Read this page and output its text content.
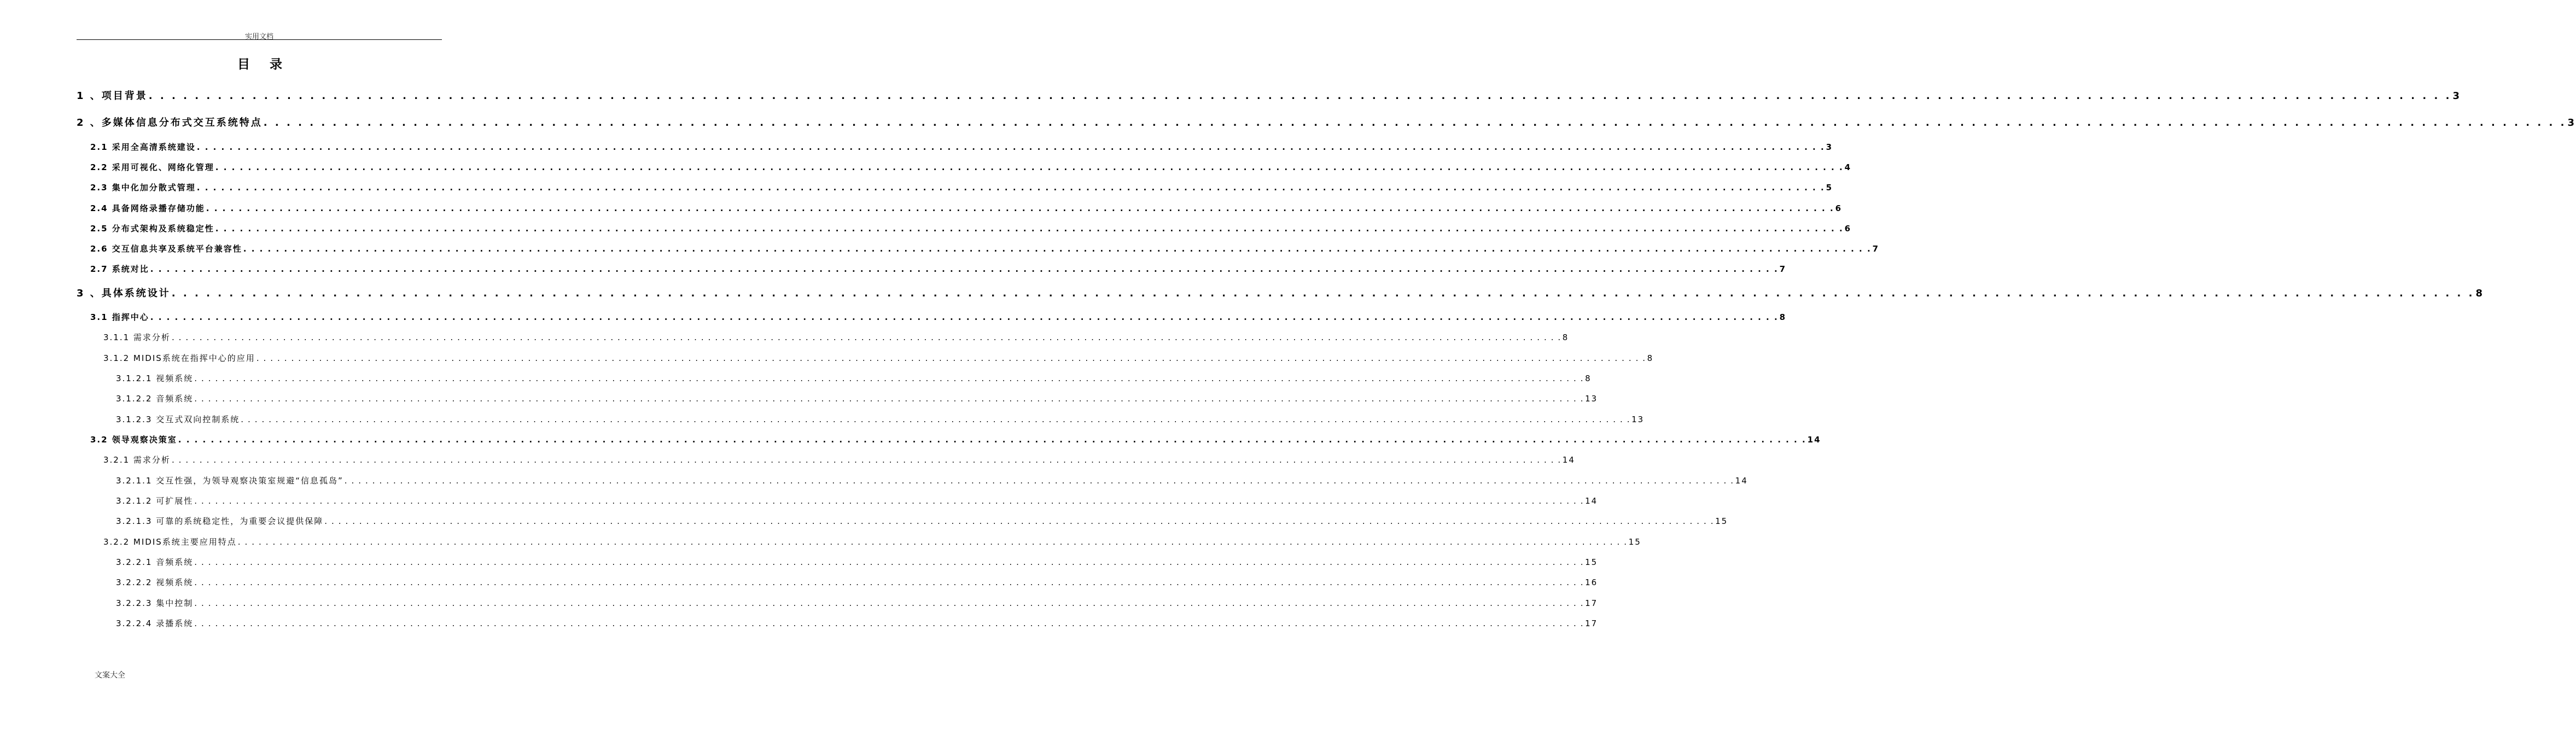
实用文档
目录
1 、项目背景 . . . . . . . . . . . . . . . . . . . . . . . . . . . . . . . . . . . . . . . . . . . . . . . . . . . . . . . . . . . . . . . . . . . . . . . . . . . . . . . . . . . . . . . . . . . . . . . . . . . . . . . . . . . . . . . . . . . . . . . . . . . . . . . . . . . . . . . . . . . . . . . . . . . . . . . . . . . . . . . . . . . . . . . . . . . . . . . . . . . . . . . . . . . . . . . . . . . . . . . . 3
2 、多媒体信息分布式交互系统特点 . . . . . . . . . . . . . . . . . . . . . . . . . . . . . . . . . . . . . . . . . . . . . . . . . . . . . . . . . . . . . . . . . . . . . . . . . . . . . . . . . . . . . . . . . . . . . . . . . . . . . . . . . . . . . . . . . . . . . . . . . . . . . . . . . . . . . . . . . . . . . . . . . . . . . . . . . . . . . . . . . . . . . . . . . . . . . . . . . . . . . . . . . . . . . . . . . . . . . . . . 3
2.1 采用全高清系统建设 . . . . . . . . . . . . . . . . . . . . . . . . . . . . . . . . . . . . . . . . . . . . . . . . . . . . . . . . . . . . . . . . . . . . . . . . . . . . . . . . . . . . . . . . . . . . . . . . . . . . . . . . . . . . . . . . . . . . . . . . . . . . . . . . . . . . . . . . . . . . . . . . . . . . . . . . . . . . . . . . . . . . . . . . . . . . . . . . . . . . . . . . . . . . . . . . . . . . . . . . 3
2.2 采用可视化、网络化管理 . . . . . . . . . . . . . . . . . . . . . . . . . . . . . . . . . . . . . . . . . . . . . . . . . . . . . . . . . . . . . . . . . . . . . . . . . . . . . . . . . . . . . . . . . . . . . . . . . . . . . . . . . . . . . . . . . . . . . . . . . . . . . . . . . . . . . . . . . . . . . . . . . . . . . . . . . . . . . . . . . . . . . . . . . . . . . . . . . . . . . . . . . . . . . . . . . . . . . . . . 4
2.3 集中化加分散式管理 . . . . . . . . . . . . . . . . . . . . . . . . . . . . . . . . . . . . . . . . . . . . . . . . . . . . . . . . . . . . . . . . . . . . . . . . . . . . . . . . . . . . . . . . . . . . . . . . . . . . . . . . . . . . . . . . . . . . . . . . . . . . . . . . . . . . . . . . . . . . . . . . . . . . . . . . . . . . . . . . . . . . . . . . . . . . . . . . . . . . . . . . . . . . . . . . . . . . . . . . 5
2.4 具备网络录播存储功能 . . . . . . . . . . . . . . . . . . . . . . . . . . . . . . . . . . . . . . . . . . . . . . . . . . . . . . . . . . . . . . . . . . . . . . . . . . . . . . . . . . . . . . . . . . . . . . . . . . . . . . . . . . . . . . . . . . . . . . . . . . . . . . . . . . . . . . . . . . . . . . . . . . . . . . . . . . . . . . . . . . . . . . . . . . . . . . . . . . . . . . . . . . . . . . . . . . . . . . . . 6
2.5 分布式架构及系统稳定性 . . . . . . . . . . . . . . . . . . . . . . . . . . . . . . . . . . . . . . . . . . . . . . . . . . . . . . . . . . . . . . . . . . . . . . . . . . . . . . . . . . . . . . . . . . . . . . . . . . . . . . . . . . . . . . . . . . . . . . . . . . . . . . . . . . . . . . . . . . . . . . . . . . . . . . . . . . . . . . . . . . . . . . . . . . . . . . . . . . . . . . . . . . . . . . . . . . . . . . . . 6
2.6 交互信息共享及系统平台兼容性 . . . . . . . . . . . . . . . . . . . . . . . . . . . . . . . . . . . . . . . . . . . . . . . . . . . . . . . . . . . . . . . . . . . . . . . . . . . . . . . . . . . . . . . . . . . . . . . . . . . . . . . . . . . . . . . . . . . . . . . . . . . . . . . . . . . . . . . . . . . . . . . . . . . . . . . . . . . . . . . . . . . . . . . . . . . . . . . . . . . . . . . . . . . . . . . . . . . . . . . . 7
2.7 系统对比 . . . . . . . . . . . . . . . . . . . . . . . . . . . . . . . . . . . . . . . . . . . . . . . . . . . . . . . . . . . . . . . . . . . . . . . . . . . . . . . . . . . . . . . . . . . . . . . . . . . . . . . . . . . . . . . . . . . . . . . . . . . . . . . . . . . . . . . . . . . . . . . . . . . . . . . . . . . . . . . . . . . . . . . . . . . . . . . . . . . . . . . . . . . . . . . . . . . . . . . . 7
3 、具体系统设计 . . . . . . . . . . . . . . . . . . . . . . . . . . . . . . . . . . . . . . . . . . . . . . . . . . . . . . . . . . . . . . . . . . . . . . . . . . . . . . . . . . . . . . . . . . . . . . . . . . . . . . . . . . . . . . . . . . . . . . . . . . . . . . . . . . . . . . . . . . . . . . . . . . . . . . . . . . . . . . . . . . . . . . . . . . . . . . . . . . . . . . . . . . . . . . . . . . . . . . . . 8
3.1 指挥中心 . . . . . . . . . . . . . . . . . . . . . . . . . . . . . . . . . . . . . . . . . . . . . . . . . . . . . . . . . . . . . . . . . . . . . . . . . . . . . . . . . . . . . . . . . . . . . . . . . . . . . . . . . . . . . . . . . . . . . . . . . . . . . . . . . . . . . . . . . . . . . . . . . . . . . . . . . . . . . . . . . . . . . . . . . . . . . . . . . . . . . . . . . . . . . . . . . . . . . . . . 8
3.1.1 需求分析 . . . . . . . . . . . . . . . . . . . . . . . . . . . . . . . . . . . . . . . . . . . . . . . . . . . . . . . . . . . . . . . . . . . . . . . . . . . . . . . . . . . . . . . . . . . . . . . . . . . . . . . . . . . . . . . . . . . . . . . . . . . . . . . . . . . . . . . . . . . . . . . . . . . . . . . . . . . . . . . . . . . . . . . . . . . . . . . . . . . . . . . . . . . . . . . . . . . . . . . . 8
3.1.2 MIDIS系统在指挥中心的应用 . . . . . . . . . . . . . . . . . . . . . . . . . . . . . . . . . . . . . . . . . . . . . . . . . . . . . . . . . . . . . . . . . . . . . . . . . . . . . . . . . . . . . . . . . . . . . . . . . . . . . . . . . . . . . . . . . . . . . . . . . . . . . . . . . . . . . . . . . . . . . . . . . . . . . . . . . . . . . . . . . . . . . . . . . . . . . . . . . . . . . . . . . . . . . . . . . . . . . . . . 8
3.1.2.1 视频系统 . . . . . . . . . . . . . . . . . . . . . . . . . . . . . . . . . . . . . . . . . . . . . . . . . . . . . . . . . . . . . . . . . . . . . . . . . . . . . . . . . . . . . . . . . . . . . . . . . . . . . . . . . . . . . . . . . . . . . . . . . . . . . . . . . . . . . . . . . . . . . . . . . . . . . . . . . . . . . . . . . . . . . . . . . . . . . . . . . . . . . . . . . . . . . . . . . . . . . . . . 8
3.1.2.2 音频系统 . . . . . . . . . . . . . . . . . . . . . . . . . . . . . . . . . . . . . . . . . . . . . . . . . . . . . . . . . . . . . . . . . . . . . . . . . . . . . . . . . . . . . . . . . . . . . . . . . . . . . . . . . . . . . . . . . . . . . . . . . . . . . . . . . . . . . . . . . . . . . . . . . . . . . . . . . . . . . . . . . . . . . . . . . . . . . . . . . . . . . . . . . . . . . . . . . . . . . . . . 13
3.1.2.3 交互式双向控制系统 . . . . . . . . . . . . . . . . . . . . . . . . . . . . . . . . . . . . . . . . . . . . . . . . . . . . . . . . . . . . . . . . . . . . . . . . . . . . . . . . . . . . . . . . . . . . . . . . . . . . . . . . . . . . . . . . . . . . . . . . . . . . . . . . . . . . . . . . . . . . . . . . . . . . . . . . . . . . . . . . . . . . . . . . . . . . . . . . . . . . . . . . . . . . . . . . . . . . . . . . 13
3.2 领导观察决策室 . . . . . . . . . . . . . . . . . . . . . . . . . . . . . . . . . . . . . . . . . . . . . . . . . . . . . . . . . . . . . . . . . . . . . . . . . . . . . . . . . . . . . . . . . . . . . . . . . . . . . . . . . . . . . . . . . . . . . . . . . . . . . . . . . . . . . . . . . . . . . . . . . . . . . . . . . . . . . . . . . . . . . . . . . . . . . . . . . . . . . . . . . . . . . . . . . . . . . . . . 14
3.2.1 需求分析 . . . . . . . . . . . . . . . . . . . . . . . . . . . . . . . . . . . . . . . . . . . . . . . . . . . . . . . . . . . . . . . . . . . . . . . . . . . . . . . . . . . . . . . . . . . . . . . . . . . . . . . . . . . . . . . . . . . . . . . . . . . . . . . . . . . . . . . . . . . . . . . . . . . . . . . . . . . . . . . . . . . . . . . . . . . . . . . . . . . . . . . . . . . . . . . . . . . . . . . . 14
3.2.1.1 交互性强，为领导观察决策室规避“信息孤岛” . . . . . . . . . . . . . . . . . . . . . . . . . . . . . . . . . . . . . . . . . . . . . . . . . . . . . . . . . . . . . . . . . . . . . . . . . . . . . . . . . . . . . . . . . . . . . . . . . . . . . . . . . . . . . . . . . . . . . . . . . . . . . . . . . . . . . . . . . . . . . . . . . . . . . . . . . . . . . . . . . . . . . . . . . . . . . . . . . . . . . . . . . . . . . . . . . . . . . . . . 14
3.2.1.2 可扩展性 . . . . . . . . . . . . . . . . . . . . . . . . . . . . . . . . . . . . . . . . . . . . . . . . . . . . . . . . . . . . . . . . . . . . . . . . . . . . . . . . . . . . . . . . . . . . . . . . . . . . . . . . . . . . . . . . . . . . . . . . . . . . . . . . . . . . . . . . . . . . . . . . . . . . . . . . . . . . . . . . . . . . . . . . . . . . . . . . . . . . . . . . . . . . . . . . . . . . . . . . 14
3.2.1.3 可靠的系统稳定性，为重要会议提供保障 . . . . . . . . . . . . . . . . . . . . . . . . . . . . . . . . . . . . . . . . . . . . . . . . . . . . . . . . . . . . . . . . . . . . . . . . . . . . . . . . . . . . . . . . . . . . . . . . . . . . . . . . . . . . . . . . . . . . . . . . . . . . . . . . . . . . . . . . . . . . . . . . . . . . . . . . . . . . . . . . . . . . . . . . . . . . . . . . . . . . . . . . . . . . . . . . . . . . . . . . 15
3.2.2 MIDIS系统主要应用特点 . . . . . . . . . . . . . . . . . . . . . . . . . . . . . . . . . . . . . . . . . . . . . . . . . . . . . . . . . . . . . . . . . . . . . . . . . . . . . . . . . . . . . . . . . . . . . . . . . . . . . . . . . . . . . . . . . . . . . . . . . . . . . . . . . . . . . . . . . . . . . . . . . . . . . . . . . . . . . . . . . . . . . . . . . . . . . . . . . . . . . . . . . . . . . . . . . . . . . . . . 15
3.2.2.1 音频系统 . . . . . . . . . . . . . . . . . . . . . . . . . . . . . . . . . . . . . . . . . . . . . . . . . . . . . . . . . . . . . . . . . . . . . . . . . . . . . . . . . . . . . . . . . . . . . . . . . . . . . . . . . . . . . . . . . . . . . . . . . . . . . . . . . . . . . . . . . . . . . . . . . . . . . . . . . . . . . . . . . . . . . . . . . . . . . . . . . . . . . . . . . . . . . . . . . . . . . . . . 15
3.2.2.2 视频系统 . . . . . . . . . . . . . . . . . . . . . . . . . . . . . . . . . . . . . . . . . . . . . . . . . . . . . . . . . . . . . . . . . . . . . . . . . . . . . . . . . . . . . . . . . . . . . . . . . . . . . . . . . . . . . . . . . . . . . . . . . . . . . . . . . . . . . . . . . . . . . . . . . . . . . . . . . . . . . . . . . . . . . . . . . . . . . . . . . . . . . . . . . . . . . . . . . . . . . . . . 16
3.2.2.3 集中控制 . . . . . . . . . . . . . . . . . . . . . . . . . . . . . . . . . . . . . . . . . . . . . . . . . . . . . . . . . . . . . . . . . . . . . . . . . . . . . . . . . . . . . . . . . . . . . . . . . . . . . . . . . . . . . . . . . . . . . . . . . . . . . . . . . . . . . . . . . . . . . . . . . . . . . . . . . . . . . . . . . . . . . . . . . . . . . . . . . . . . . . . . . . . . . . . . . . . . . . . . 17
3.2.2.4 录播系统 . . . . . . . . . . . . . . . . . . . . . . . . . . . . . . . . . . . . . . . . . . . . . . . . . . . . . . . . . . . . . . . . . . . . . . . . . . . . . . . . . . . . . . . . . . . . . . . . . . . . . . . . . . . . . . . . . . . . . . . . . . . . . . . . . . . . . . . . . . . . . . . . . . . . . . . . . . . . . . . . . . . . . . . . . . . . . . . . . . . . . . . . . . . . . . . . . . . . . . . . 17
文案大全
